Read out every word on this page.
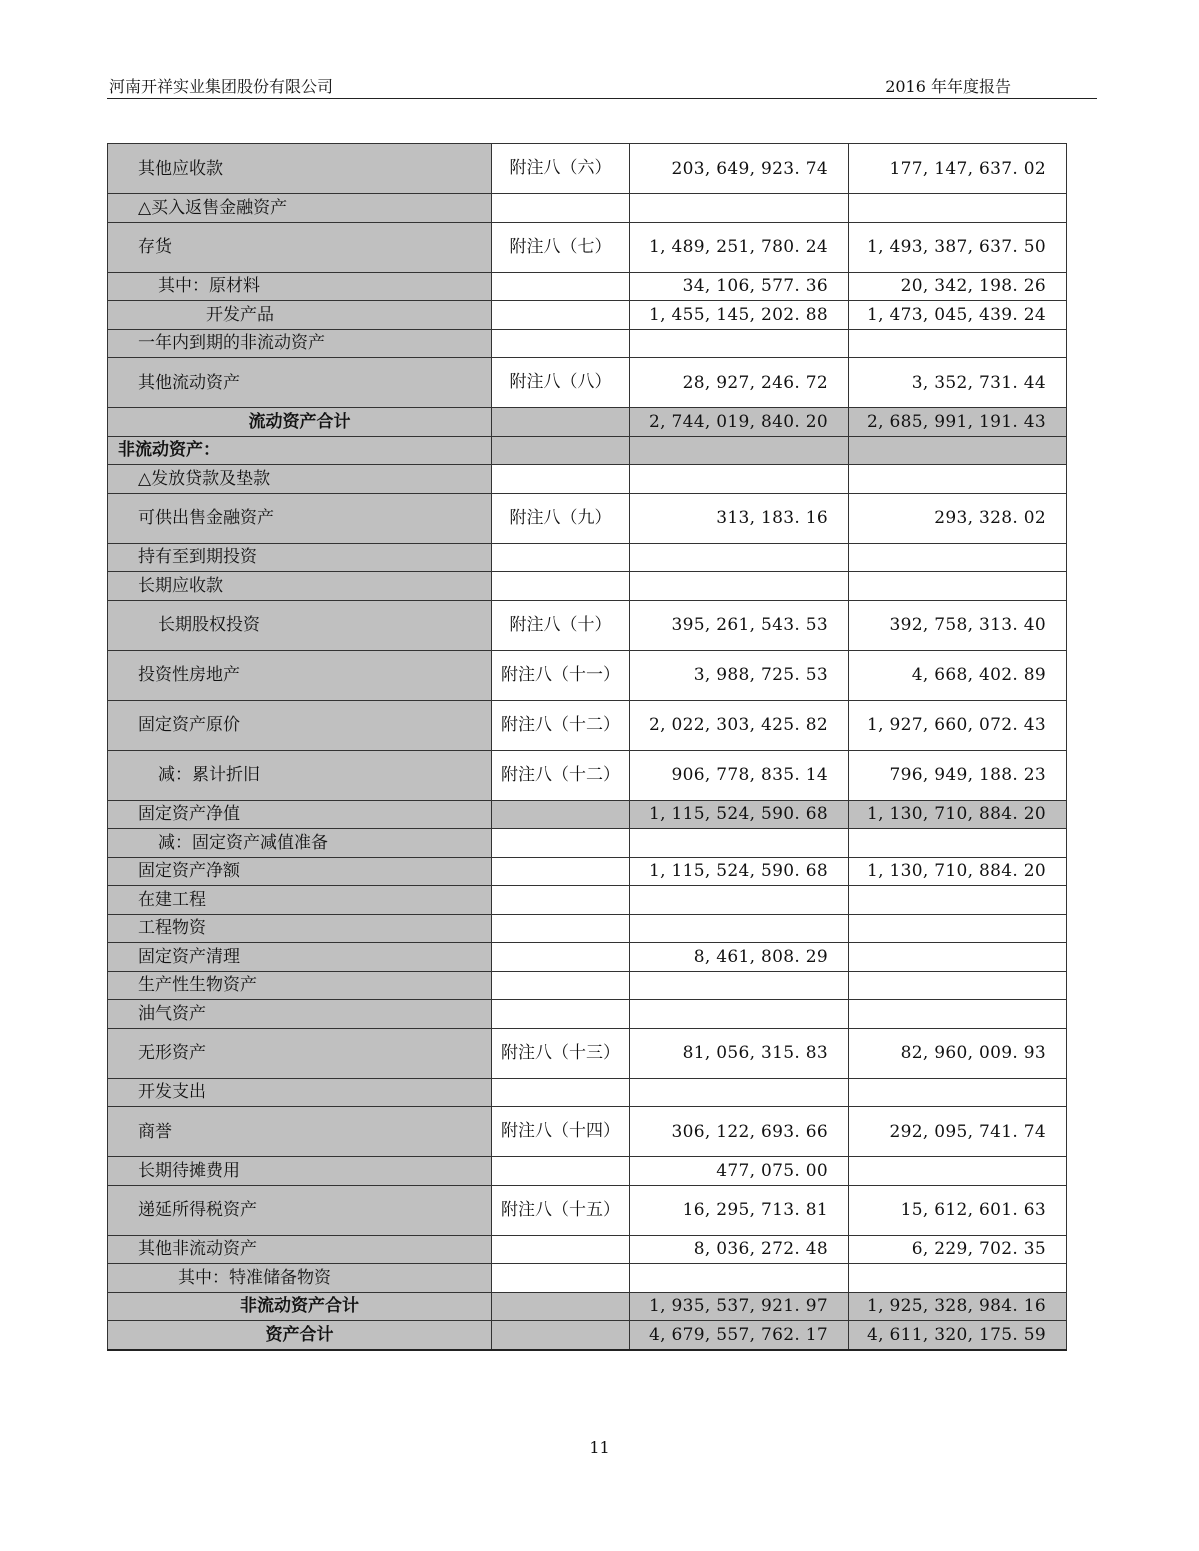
河南开祥实业集团股份有限公司	2016 年年度报告
其他应收款	附注八（六）	203, 649, 923. 74	177, 147, 637. 02
△买入返售金融资产			
存货	附注八（七）	1, 489, 251, 780. 24	1, 493, 387, 637. 50
其中：原材料		34, 106, 577. 36	20, 342, 198. 26
开发产品		1, 455, 145, 202. 88	1, 473, 045, 439. 24
一年内到期的非流动资产			
其他流动资产	附注八（八）	28, 927, 246. 72	3, 352, 731. 44
流动资产合计		2, 744, 019, 840. 20	2, 685, 991, 191. 43
非流动资产：			
△发放贷款及垫款			
可供出售金融资产	附注八（九）	313, 183. 16	293, 328. 02
持有至到期投资			
长期应收款			
长期股权投资	附注八（十）	395, 261, 543. 53	392, 758, 313. 40
投资性房地产	附注八（十一）	3, 988, 725. 53	4, 668, 402. 89
固定资产原价	附注八（十二）	2, 022, 303, 425. 82	1, 927, 660, 072. 43
减：累计折旧	附注八（十二）	906, 778, 835. 14	796, 949, 188. 23
固定资产净值		1, 115, 524, 590. 68	1, 130, 710, 884. 20
减：固定资产减值准备			
固定资产净额		1, 115, 524, 590. 68	1, 130, 710, 884. 20
在建工程			
工程物资			
固定资产清理		8, 461, 808. 29	
生产性生物资产			
油气资产			
无形资产	附注八（十三）	81, 056, 315. 83	82, 960, 009. 93
开发支出			
商誉	附注八（十四）	306, 122, 693. 66	292, 095, 741. 74
长期待摊费用		477, 075. 00	
递延所得税资产	附注八（十五）	16, 295, 713. 81	15, 612, 601. 63
其他非流动资产		8, 036, 272. 48	6, 229, 702. 35
其中：特准储备物资			
非流动资产合计		1, 935, 537, 921. 97	1, 925, 328, 984. 16
资产合计		4, 679, 557, 762. 17	4, 611, 320, 175. 59
11
